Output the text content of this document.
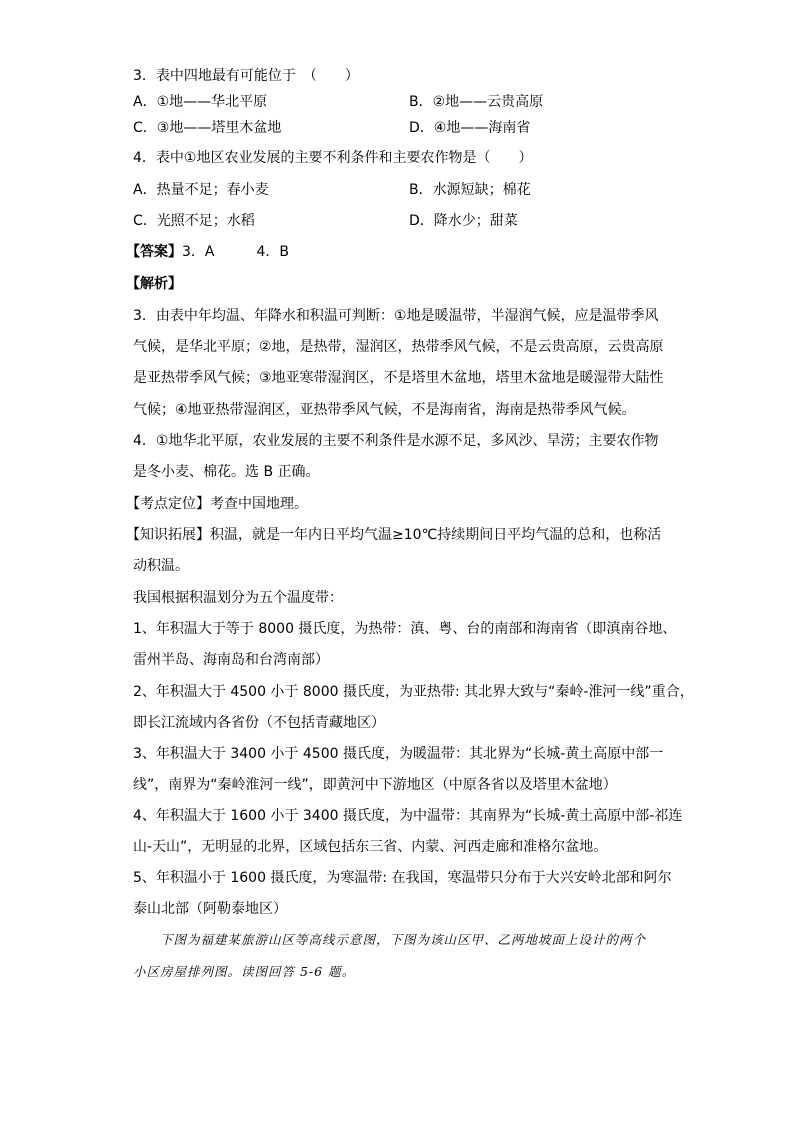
3．表中四地最有可能位于　（　　）
A．①地——华北平原	B．②地——云贵高原
C．③地——塔里木盆地	D．④地——海南省
4．表中①地区农业发展的主要不利条件和主要农作物是（　　）
A．热量不足；春小麦	B．水源短缺；棉花
C．光照不足；水稻	D．降水少；甜菜
【答案】3．A　　　4．B
【解析】
3．由表中年均温、年降水和积温可判断：①地是暖温带，半湿润气候，应是温带季风
气候，是华北平原；②地，是热带，湿润区，热带季风气候，不是云贵高原，云贵高原
是亚热带季风气候；③地亚寒带湿润区，不是塔里木盆地，塔里木盆地是暖湿带大陆性
气候；④地亚热带湿润区，亚热带季风气候，不是海南省，海南是热带季风气候。
4．①地华北平原，农业发展的主要不利条件是水源不足，多风沙、旱涝；主要农作物
是冬小麦、棉花。选 B 正确。
【考点定位】考查中国地理。
【知识拓展】积温，就是一年内日平均气温≥10℃持续期间日平均气温的总和，也称活
动积温。
我国根据积温划分为五个温度带：
1、年积温大于等于 8000 摄氏度，为热带：滇、粤、台的南部和海南省（即滇南谷地、
雷州半岛、海南岛和台湾南部）
2、年积温大于 4500 小于 8000 摄氏度，为亚热带: 其北界大致与“秦岭-淮河一线”重合，
即长江流域内各省份（不包括青藏地区）
3、年积温大于 3400 小于 4500 摄氏度，为暖温带：其北界为“长城-黄土高原中部一
线”，南界为“秦岭淮河一线”，即黄河中下游地区（中原各省以及塔里木盆地）
4、年积温大于 1600 小于 3400 摄氏度，为中温带：其南界为“长城-黄土高原中部-祁连
山-天山”，无明显的北界，区域包括东三省、内蒙、河西走廊和准格尔盆地。
5、年积温小于 1600 摄氏度，为寒温带: 在我国，寒温带只分布于大兴安岭北部和阿尔
泰山北部（阿勒泰地区）
下图为福建某旅游山区等高线示意图，下图为该山区甲、乙两地坡面上设计的两个
小区房屋排列图。读图回答 5-6 题。
